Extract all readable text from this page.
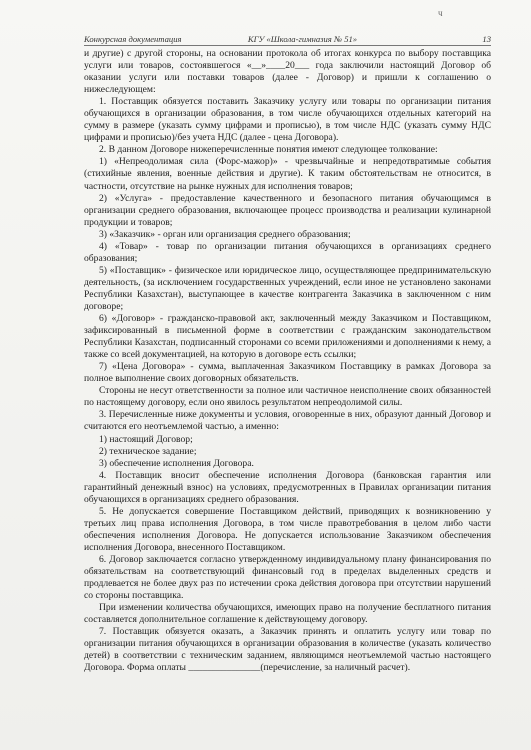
ч
Конкурсная документация	КГУ «Школа-гимназия № 51»	13

и другие) с другой стороны, на основании протокола об итогах конкурса по выбору поставщика услуги или товаров, состоявшегося «__»____20___ года заключили настоящий Договор об оказании услуги или поставки товаров (далее - Договор) и пришли к соглашению о нижеследующем:

1. Поставщик обязуется поставить Заказчику услугу или товары по организации питания обучающихся в организации образования, в том числе обучающихся отдельных категорий на сумму в размере (указать сумму цифрами и прописью), в том числе НДС (указать сумму НДС цифрами и прописью)/без учета НДС (далее - цена Договора).

2. В данном Договоре нижеперечисленные понятия имеют следующее толкование:

1) «Непреодолимая сила (Форс-мажор)» - чрезвычайные и непредотвратимые события (стихийные явления, военные действия и другие). К таким обстоятельствам не относится, в частности, отсутствие на рынке нужных для исполнения товаров;

2) «Услуга» - предоставление качественного и безопасного питания обучающимся в организации среднего образования, включающее процесс производства и реализации кулинарной продукции и товаров;

3) «Заказчик» - орган или организация среднего образования;

4) «Товар» - товар по организации питания обучающихся в организациях среднего образования;

5) «Поставщик» - физическое или юридическое лицо, осуществляющее предпринимательскую деятельность, (за исключением государственных учреждений, если иное не установлено законами Республики Казахстан), выступающее в качестве контрагента Заказчика в заключенном с ним договоре;

6) «Договор» - гражданско-правовой акт, заключенный между Заказчиком и Поставщиком, зафиксированный в письменной форме в соответствии с гражданским законодательством Республики Казахстан, подписанный сторонами со всеми приложениями и дополнениями к нему, а также со всей документацией, на которую в договоре есть ссылки;

7) «Цена Договора» - сумма, выплаченная Заказчиком Поставщику в рамках Договора за полное выполнение своих договорных обязательств.

Стороны не несут ответственности за полное или частичное неисполнение своих обязанностей по настоящему договору, если оно явилось результатом непреодолимой силы.

3. Перечисленные ниже документы и условия, оговоренные в них, образуют данный Договор и считаются его неотъемлемой частью, а именно:

1) настоящий Договор;

2) техническое задание;

3) обеспечение исполнения Договора.

4. Поставщик вносит обеспечение исполнения Договора (банковская гарантия или гарантийный денежный взнос) на условиях, предусмотренных в Правилах организации питания обучающихся в организациях среднего образования.

5. Не допускается совершение Поставщиком действий, приводящих к возникновению у третьих лиц права исполнения Договора, в том числе правотребования в целом либо части обеспечения исполнения Договора. Не допускается использование Заказчиком обеспечения исполнения Договора, внесенного Поставщиком.

6. Договор заключается согласно утвержденному индивидуальному плану финансирования по обязательствам на соответствующий финансовый год в пределах выделенных средств и продлевается не более двух раз по истечении срока действия договора при отсутствии нарушений со стороны поставщика.

При изменении количества обучающихся, имеющих право на получение бесплатного питания составляется дополнительное соглашение к действующему договору.

7. Поставщик обязуется оказать, а Заказчик принять и оплатить услугу или товар по организации питания обучающихся в организации образования в количестве (указать количество детей) в соответствии с техническим заданием, являющимся неотъемлемой частью настоящего Договора. Форма оплаты _______________(перечисление, за наличный расчет).
